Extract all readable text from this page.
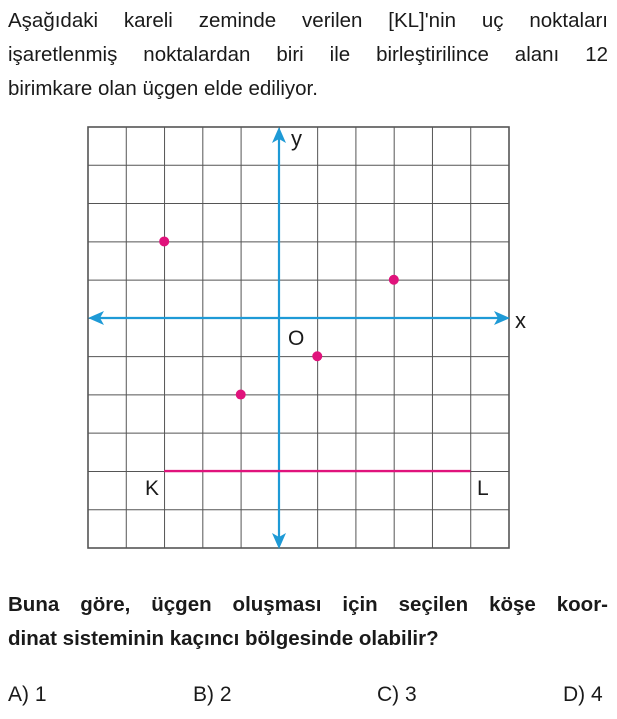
Aşağıdaki kareli zeminde verilen [KL]'nin uç noktaları
işaretlenmiş noktalardan biri ile birleştirilince alanı 12
birimkare olan üçgen elde ediliyor.

x
y
O
K	L

Buna göre, üçgen oluşması için seçilen köşe koor-
dinat sisteminin kaçıncı bölgesinde olabilir?

A) 1	B) 2	C) 3	D) 4
